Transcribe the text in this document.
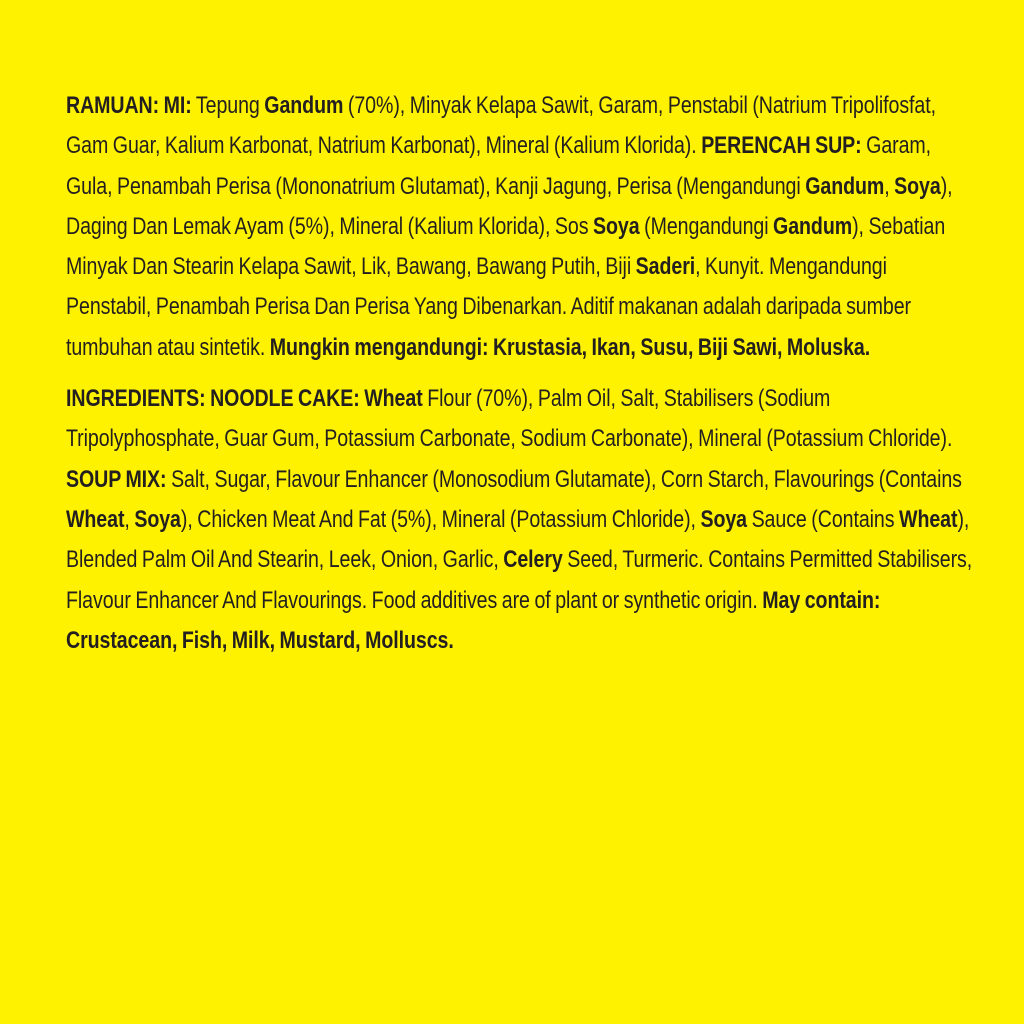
RAMUAN: MI: Tepung Gandum (70%), Minyak Kelapa Sawit, Garam, Penstabil (Natrium Tripolifosfat, Gam Guar, Kalium Karbonat, Natrium Karbonat), Mineral (Kalium Klorida). PERENCAH SUP: Garam, Gula, Penambah Perisa (Mononatrium Glutamat), Kanji Jagung, Perisa (Mengandungi Gandum, Soya), Daging Dan Lemak Ayam (5%), Mineral (Kalium Klorida), Sos Soya (Mengandungi Gandum), Sebatian Minyak Dan Stearin Kelapa Sawit, Lik, Bawang, Bawang Putih, Biji Saderi, Kunyit. Mengandungi Penstabil, Penambah Perisa Dan Perisa Yang Dibenarkan. Aditif makanan adalah daripada sumber tumbuhan atau sintetik. Mungkin mengandungi: Krustasia, Ikan, Susu, Biji Sawi, Moluska.
INGREDIENTS: NOODLE CAKE: Wheat Flour (70%), Palm Oil, Salt, Stabilisers (Sodium Tripolyphosphate, Guar Gum, Potassium Carbonate, Sodium Carbonate), Mineral (Potassium Chloride). SOUP MIX: Salt, Sugar, Flavour Enhancer (Monosodium Glutamate), Corn Starch, Flavourings (Contains Wheat, Soya), Chicken Meat And Fat (5%), Mineral (Potassium Chloride), Soya Sauce (Contains Wheat), Blended Palm Oil And Stearin, Leek, Onion, Garlic, Celery Seed, Turmeric. Contains Permitted Stabilisers, Flavour Enhancer And Flavourings. Food additives are of plant or synthetic origin. May contain: Crustacean, Fish, Milk, Mustard, Molluscs.
